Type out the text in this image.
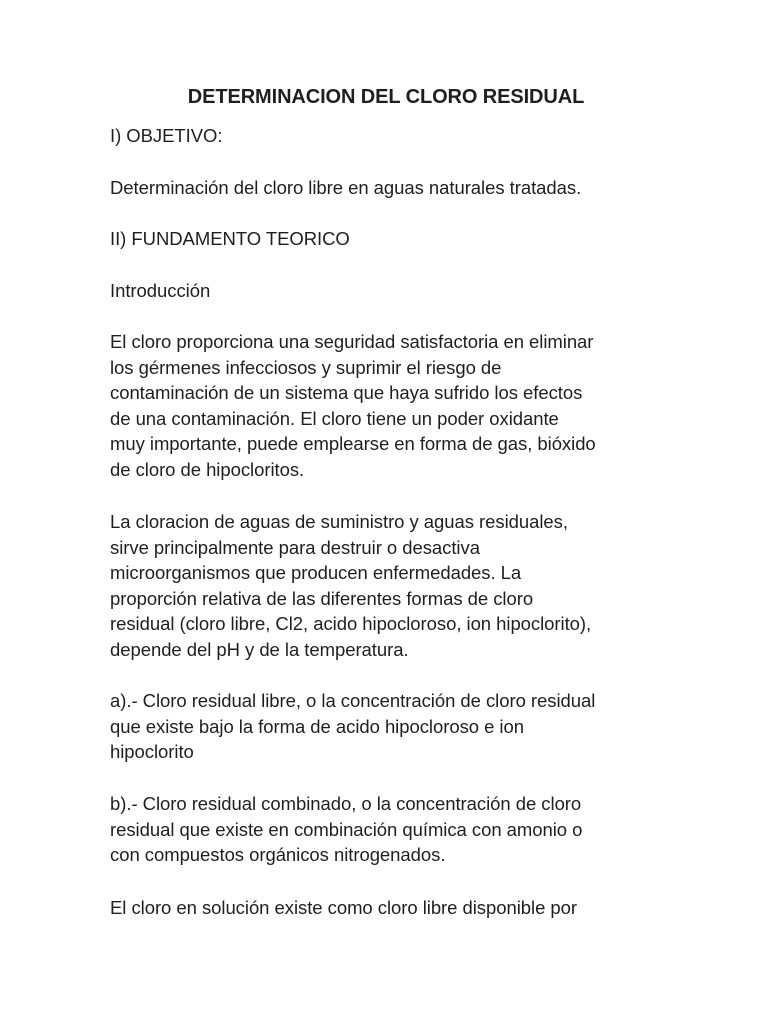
DETERMINACION DEL CLORO RESIDUAL

I) OBJETIVO:

Determinación del cloro libre en aguas naturales tratadas.

II) FUNDAMENTO TEORICO

Introducción

El cloro proporciona una seguridad satisfactoria en eliminar

los gérmenes infecciosos y suprimir el riesgo de

contaminación de un sistema que haya sufrido los efectos

de una contaminación. El cloro tiene un poder oxidante

muy importante, puede emplearse en forma de gas, bióxido

de cloro de hipocloritos.

La cloracion de aguas de suministro y aguas residuales,

sirve principalmente para destruir o desactiva

microorganismos que producen enfermedades. La

proporción relativa de las diferentes formas de cloro

residual (cloro libre, Cl2, acido hipocloroso, ion hipoclorito),

depende del pH y de la temperatura.

a).- Cloro residual libre, o la concentración de cloro residual

que existe bajo la forma de acido hipocloroso e ion

hipoclorito

b).- Cloro residual combinado, o la concentración de cloro

residual que existe en combinación química con amonio o

con compuestos orgánicos nitrogenados.

El cloro en solución existe como cloro libre disponible por
